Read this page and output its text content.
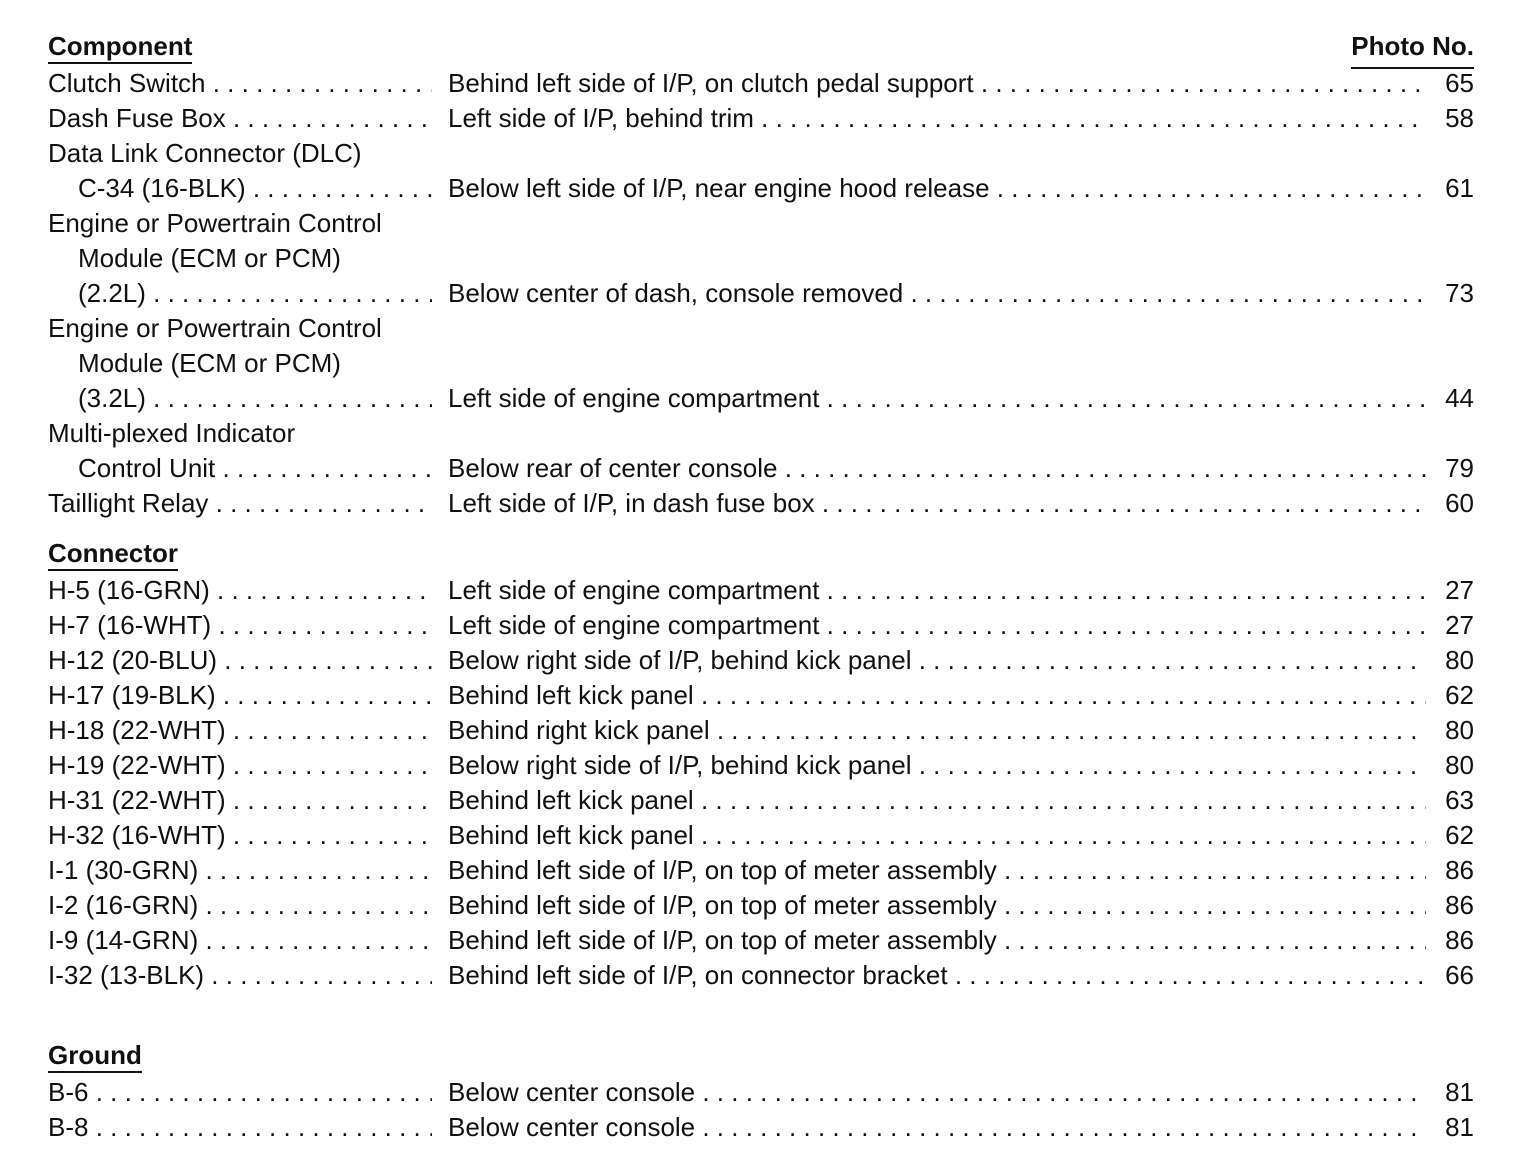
Component	Photo No.
Clutch Switch . . .	Behind left side of I/P, on clutch pedal support . . .	65
Dash Fuse Box . . .	Left side of I/P, behind trim . . .	58
Data Link Connector (DLC)
C-34 (16-BLK) . . .	Below left side of I/P, near engine hood release . . .	61
Engine or Powertrain Control
Module (ECM or PCM)
(2.2L) . . .	Below center of dash, console removed . . .	73
Engine or Powertrain Control
Module (ECM or PCM)
(3.2L) . . .	Left side of engine compartment . . .	44
Multi-plexed Indicator
Control Unit . . .	Below rear of center console . . .	79
Taillight Relay . . .	Left side of I/P, in dash fuse box . . .	60
Connector
H-5 (16-GRN) . . .	Left side of engine compartment . . .	27
H-7 (16-WHT) . . .	Left side of engine compartment . . .	27
H-12 (20-BLU) . . .	Below right side of I/P, behind kick panel . . .	80
H-17 (19-BLK) . . .	Behind left kick panel . . .	62
H-18 (22-WHT) . . .	Behind right kick panel . . .	80
H-19 (22-WHT) . . .	Below right side of I/P, behind kick panel . . .	80
H-31 (22-WHT) . . .	Behind left kick panel . . .	63
H-32 (16-WHT) . . .	Behind left kick panel . . .	62
I-1 (30-GRN) . . .	Behind left side of I/P, on top of meter assembly . . .	86
I-2 (16-GRN) . . .	Behind left side of I/P, on top of meter assembly . . .	86
I-9 (14-GRN) . . .	Behind left side of I/P, on top of meter assembly . . .	86
I-32 (13-BLK) . . .	Behind left side of I/P, on connector bracket . . .	66
Ground
B-6 . . .	Below center console . . .	81
B-8 . . .	Below center console . . .	81
